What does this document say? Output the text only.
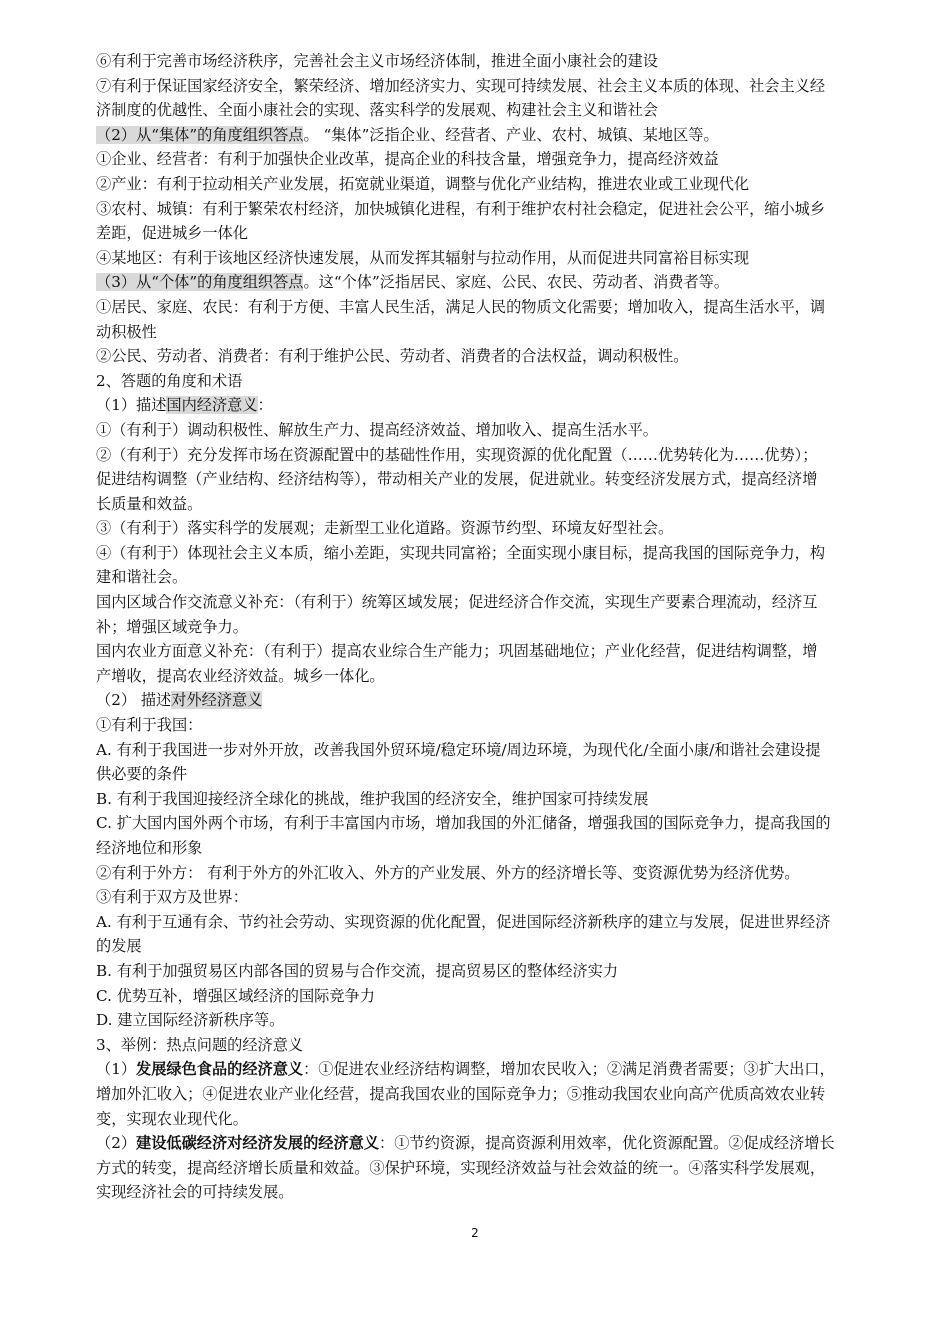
⑥有利于完善市场经济秩序，完善社会主义市场经济体制，推进全面小康社会的建设
⑦有利于保证国家经济安全，繁荣经济、增加经济实力、实现可持续发展、社会主义本质的体现、社会主义经
济制度的优越性、全面小康社会的实现、落实科学的发展观、构建社会主义和谐社会
（2）从“集体”的角度组织答点。 “集体”泛指企业、经营者、产业、农村、城镇、某地区等。
①企业、经营者：有利于加强快企业改革，提高企业的科技含量，增强竞争力，提高经济效益
②产业：有利于拉动相关产业发展，拓宽就业渠道，调整与优化产业结构，推进农业或工业现代化
③农村、城镇：有利于繁荣农村经济，加快城镇化进程，有利于维护农村社会稳定，促进社会公平，缩小城乡
差距，促进城乡一体化
④某地区：有利于该地区经济快速发展，从而发挥其辐射与拉动作用，从而促进共同富裕目标实现
（3）从“个体”的角度组织答点。这“个体”泛指居民、家庭、公民、农民、劳动者、消费者等。
①居民、家庭、农民：有利于方便、丰富人民生活，满足人民的物质文化需要；增加收入，提高生活水平，调
动积极性
②公民、劳动者、消费者：有利于维护公民、劳动者、消费者的合法权益，调动积极性。
2、答题的角度和术语
（1）描述国内经济意义：
①（有利于）调动积极性、解放生产力、提高经济效益、增加收入、提高生活水平。
②（有利于）充分发挥市场在资源配置中的基础性作用，实现资源的优化配置（……优势转化为……优势）；
促进结构调整（产业结构、经济结构等），带动相关产业的发展，促进就业。转变经济发展方式，提高经济增
长质量和效益。
③（有利于）落实科学的发展观；走新型工业化道路。资源节约型、环境友好型社会。
④（有利于）体现社会主义本质，缩小差距，实现共同富裕；全面实现小康目标，提高我国的国际竞争力，构
建和谐社会。
国内区域合作交流意义补充：（有利于）统筹区域发展；促进经济合作交流，实现生产要素合理流动，经济互
补；增强区域竞争力。
国内农业方面意义补充：（有利于）提高农业综合生产能力；巩固基础地位；产业化经营，促进结构调整，增
产增收，提高农业经济效益。城乡一体化。
（2） 描述对外经济意义
①有利于我国：
A. 有利于我国进一步对外开放，改善我国外贸环境/稳定环境/周边环境，为现代化/全面小康/和谐社会建设提
供必要的条件
B. 有利于我国迎接经济全球化的挑战，维护我国的经济安全，维护国家可持续发展
C. 扩大国内国外两个市场，有利于丰富国内市场，增加我国的外汇储备，增强我国的国际竞争力，提高我国的
经济地位和形象
②有利于外方： 有利于外方的外汇收入、外方的产业发展、外方的经济增长等、变资源优势为经济优势。
③有利于双方及世界：
A. 有利于互通有余、节约社会劳动、实现资源的优化配置，促进国际经济新秩序的建立与发展，促进世界经济
的发展
B. 有利于加强贸易区内部各国的贸易与合作交流，提高贸易区的整体经济实力
C. 优势互补，增强区域经济的国际竞争力
D. 建立国际经济新秩序等。
3、举例：热点问题的经济意义
（1）发展绿色食品的经济意义：①促进农业经济结构调整，增加农民收入；②满足消费者需要；③扩大出口，
增加外汇收入；④促进农业产业化经营，提高我国农业的国际竞争力；⑤推动我国农业向高产优质高效农业转
变，实现农业现代化。
（2）建设低碳经济对经济发展的经济意义：①节约资源，提高资源利用效率，优化资源配置。②促成经济增长
方式的转变，提高经济增长质量和效益。③保护环境，实现经济效益与社会效益的统一。④落实科学发展观，
实现经济社会的可持续发展。
2
